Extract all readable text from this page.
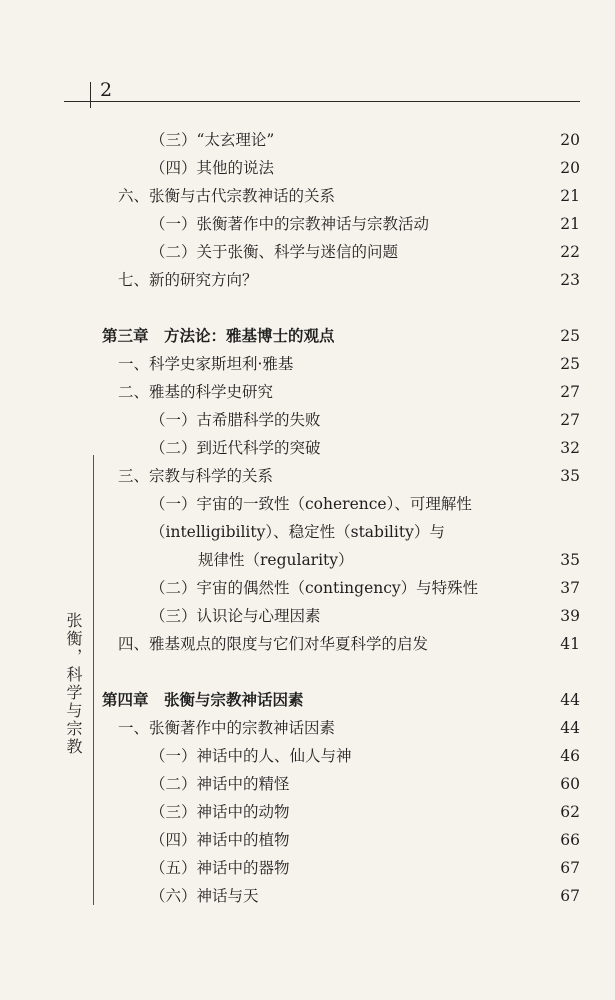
2
张衡，科学与宗教
（三）“太玄理论”	20
（四）其他的说法	20
六、张衡与古代宗教神话的关系	21
（一）张衡著作中的宗教神话与宗教活动	21
（二）关于张衡、科学与迷信的问题	22
七、新的研究方向？	23
第三章　方法论：雅基博士的观点	25
一、科学史家斯坦利·雅基	25
二、雅基的科学史研究	27
（一）古希腊科学的失败	27
（二）到近代科学的突破	32
三、宗教与科学的关系	35
（一）宇宙的一致性（coherence）、可理解性
（intelligibility）、稳定性（stability）与
规律性（regularity）	35
（二）宇宙的偶然性（contingency）与特殊性	37
（三）认识论与心理因素	39
四、雅基观点的限度与它们对华夏科学的启发	41
第四章　张衡与宗教神话因素	44
一、张衡著作中的宗教神话因素	44
（一）神话中的人、仙人与神	46
（二）神话中的精怪	60
（三）神话中的动物	62
（四）神话中的植物	66
（五）神话中的器物	67
（六）神话与天	67
